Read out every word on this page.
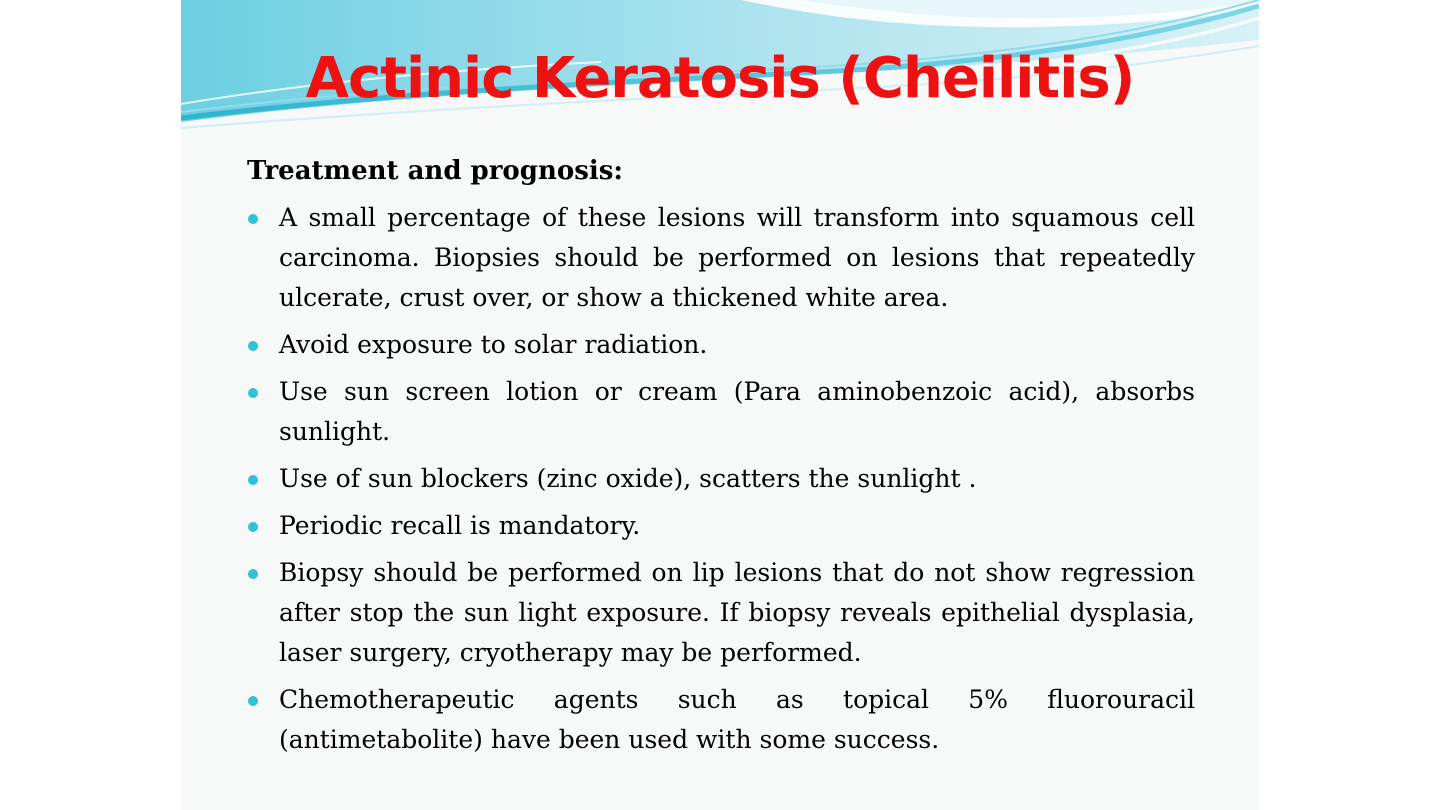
Actinic Keratosis (Cheilitis)
Treatment and prognosis:
A small percentage of these lesions will transform into squamous cell carcinoma. Biopsies should be performed on lesions that repeatedly ulcerate, crust over, or show a thickened white area.
Avoid exposure to solar radiation.
Use sun screen lotion or cream (Para aminobenzoic acid), absorbs sunlight.
Use of sun blockers (zinc oxide), scatters the sunlight .
Periodic recall is mandatory.
Biopsy should be performed on lip lesions that do not show regression after stop the sun light exposure. If biopsy reveals epithelial dysplasia, laser surgery, cryotherapy may be performed.
Chemotherapeutic agents such as topical 5% fluorouracil (antimetabolite) have been used with some success.
